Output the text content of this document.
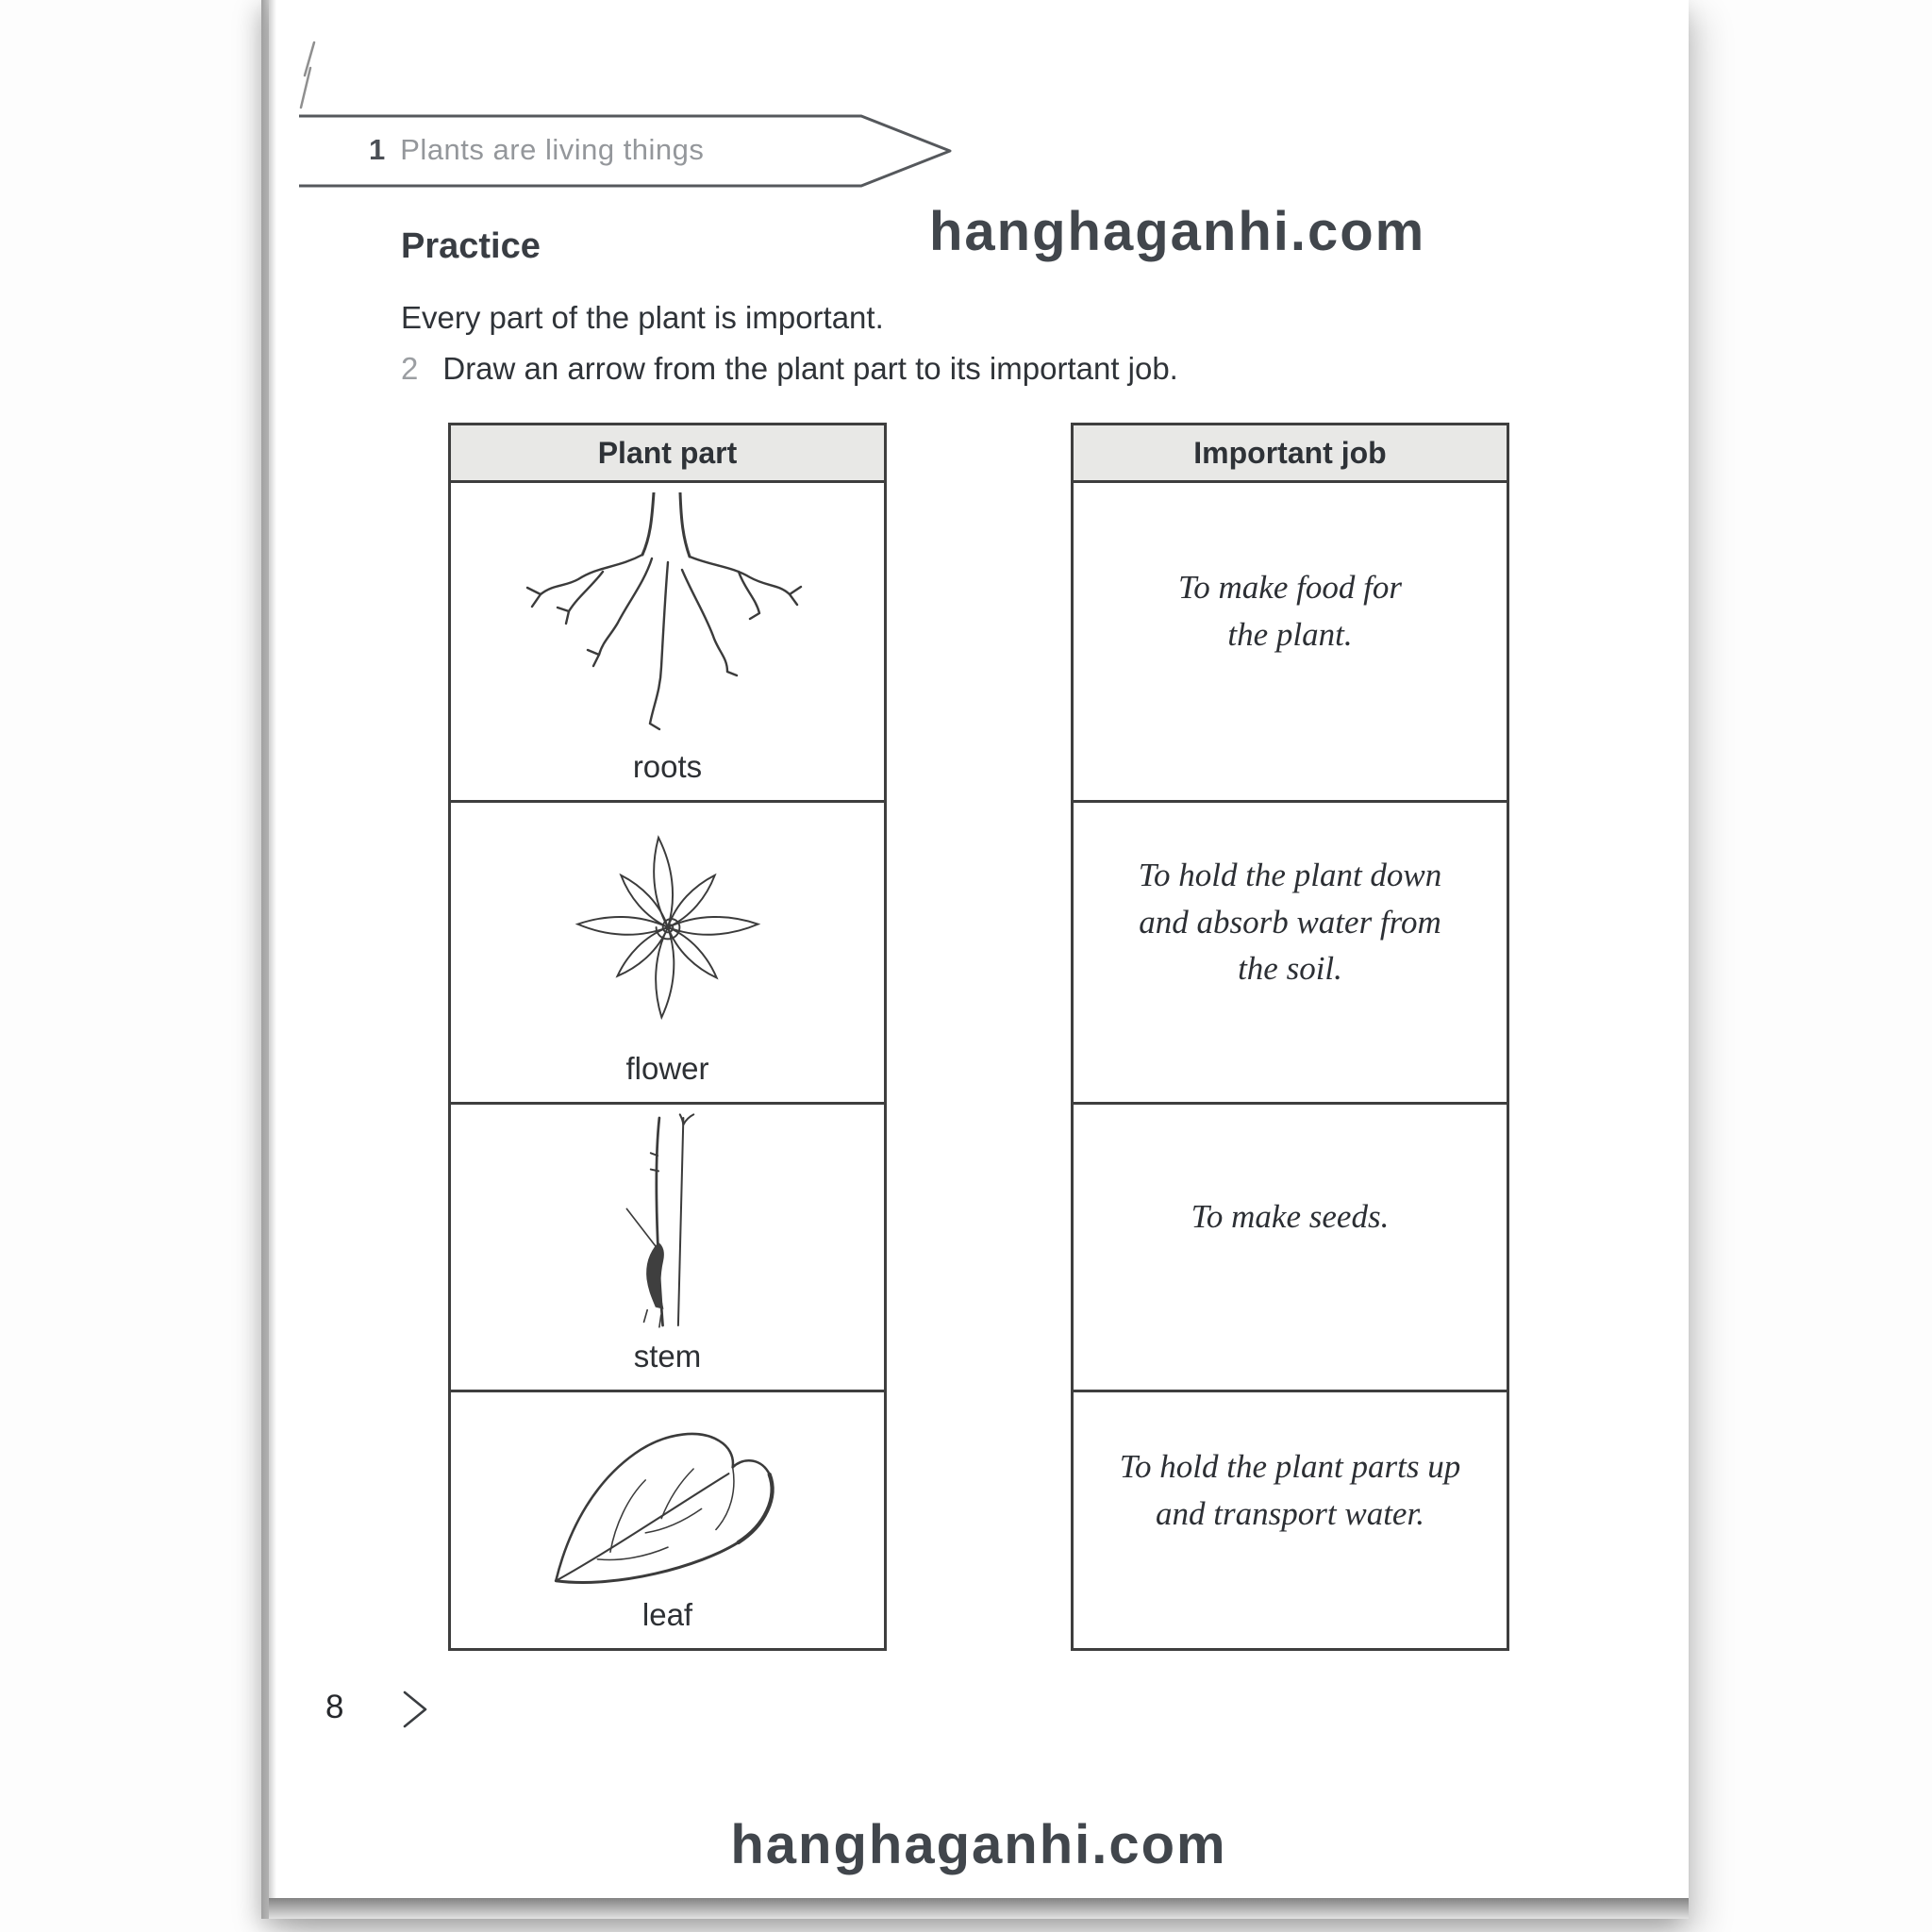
1 Plants are living things
hanghaganhi.com
Practice

Every part of the plant is important.

2 Draw an arrow from the plant part to its important job.

Plant part
roots
flower
stem
leaf
Important job
To make food for
the plant.
To hold the plant down
and absorb water from
the soil.
To make seeds.
To hold the plant parts up
and transport water.
8
hanghaganhi.com
